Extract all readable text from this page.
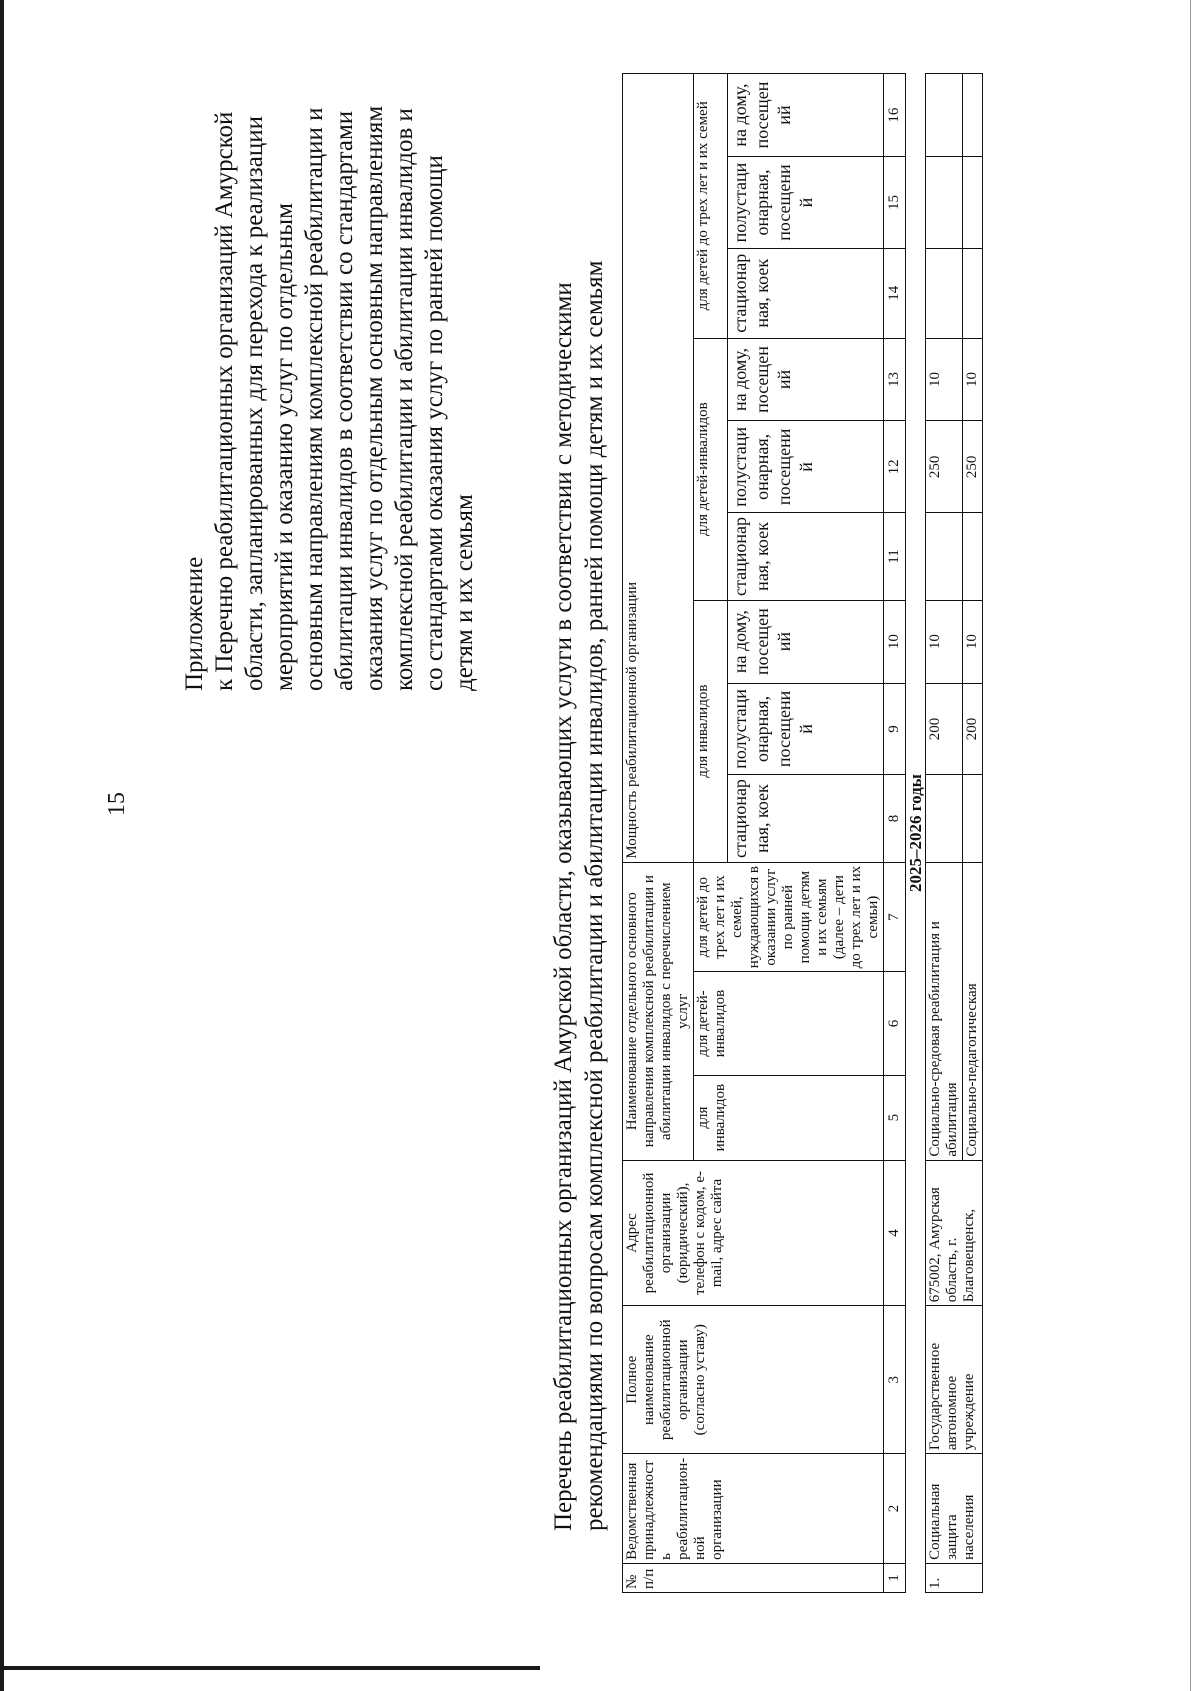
15
Приложение к Перечню реабилитационных организаций Амурской области, запланированных для перехода к реализации мероприятий и оказанию услуг по отдельным основным направлениям комплексной реабилитации и абилитации инвалидов в соответствии со стандартами оказания услуг по отдельным основным направлениям комплексной реабилитации и абилитации инвалидов и со стандартами оказания услуг по ранней помощи детям и их семьям	Перечень реабилитационных организаций Амурской области, оказывающих услуги в соответствии с методическими рекомендациями по вопросам комплексной реабилитации и абилитации инвалидов, ранней помощи детям и их семьям
№ п/п	Ведомственная принадлежность реабилитацион-ной организации	Полное наименование реабилитационной организации (согласно уставу)	Адрес реабилитационной организации (юридический), телефон с кодом, e-mail, адрес сайта	Наименование отдельного основного направления комплексной реабилитации и абилитации инвалидов с перечислением услуг			Мощность реабилитационной организации								
				для инвалидов	для детей-инвалидов	для детей до трех лет и их семей, нуждающихся в оказании услуг по ранней помощи детям и их семьям (далее – дети до трех лет и их семьи)	для инвалидов			для детей-инвалидов			для детей до трех лет и их семей		
							стационарная, коек	полустационарная, посещений	на дому, посещений	стационарная, коек	полустационарная, посещений	на дому, посещений	стационарная, коек	полустационарная, посещений	на дому, посещений
1	2	3	4	5	6	7	8	9	10	11	12	13	14	15	16
2025–2026 годы															
1.	Социальная защита населения	Государственное автономное учреждение	675002, Амурская область, г. Благовещенск,	Социально-средовая реабилитация и абилитация				200	10		250	10			
				Социально-педагогическая				200	10		250	10			
